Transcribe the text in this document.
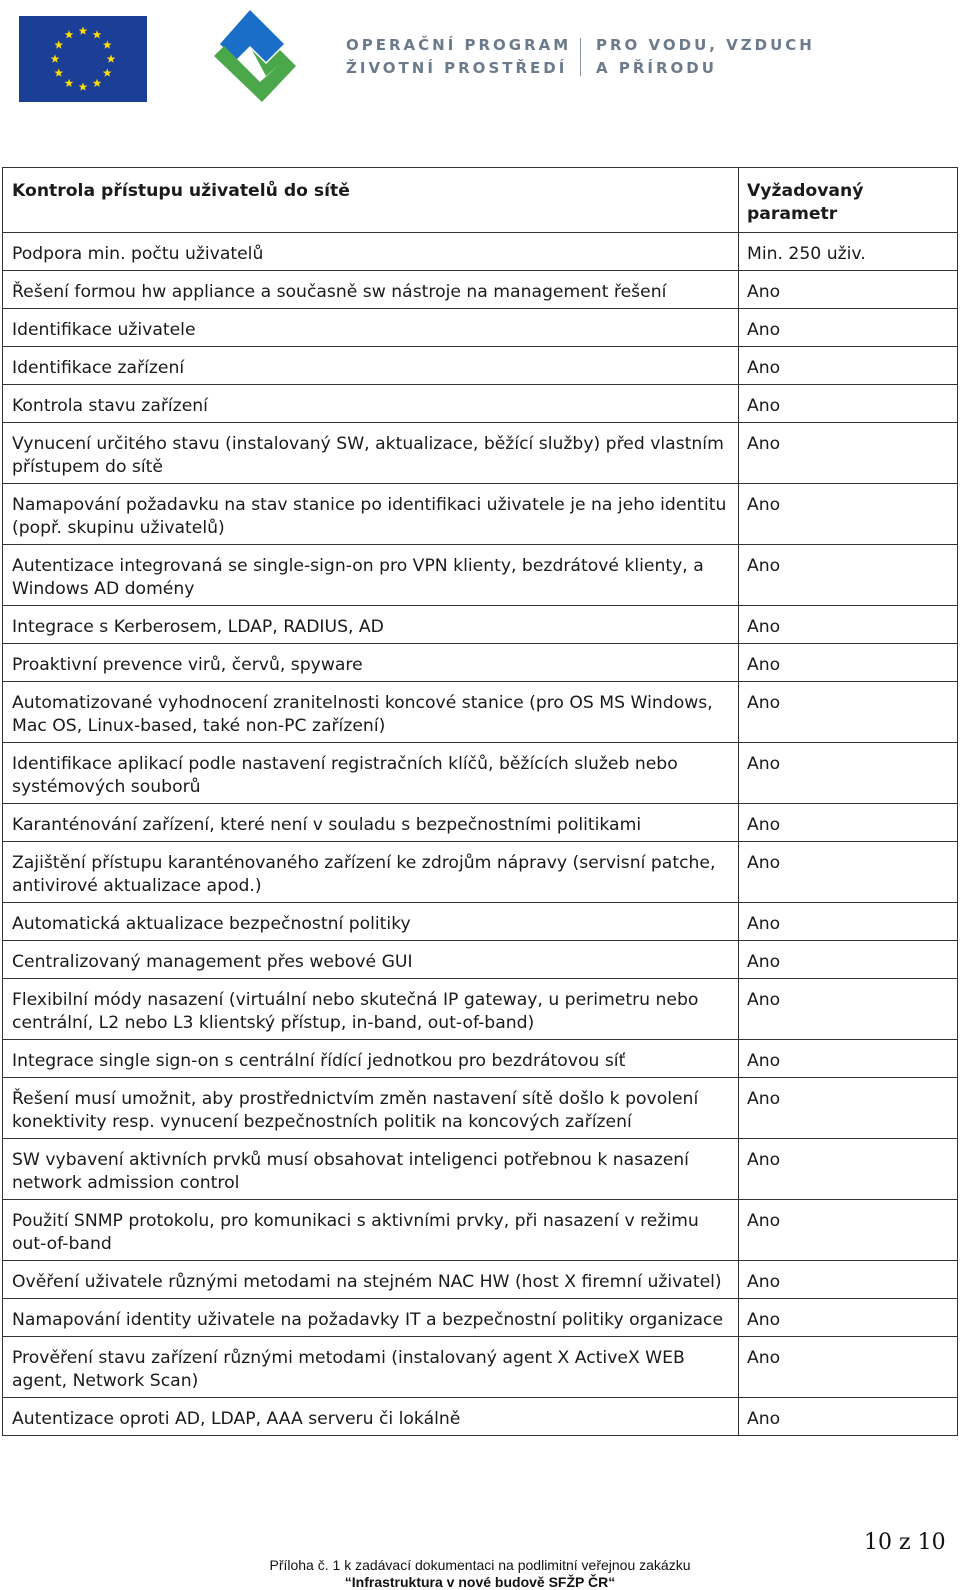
OPERAČNÍ PROGRAM
ŽIVOTNÍ PROSTŘEDÍ
PRO VODU, VZDUCH
A PŘÍRODU
Kontrola přístupu uživatelů do sítě	Vyžadovaný parametr
Podpora min. počtu uživatelů	Min. 250 uživ.
Řešení formou hw appliance a současně sw nástroje na management řešení	Ano
Identifikace uživatele	Ano
Identifikace zařízení	Ano
Kontrola stavu zařízení	Ano
Vynucení určitého stavu (instalovaný SW, aktualizace, běžící služby) před vlastním přístupem do sítě	Ano
Namapování požadavku na stav stanice po identifikaci uživatele je na jeho identitu (popř. skupinu uživatelů)	Ano
Autentizace integrovaná se single-sign-on pro VPN klienty, bezdrátové klienty, a Windows AD domény	Ano
Integrace s Kerberosem, LDAP, RADIUS, AD	Ano
Proaktivní prevence virů, červů, spyware	Ano
Automatizované vyhodnocení zranitelnosti koncové stanice (pro OS MS Windows, Mac OS, Linux-based, také non-PC zařízení)	Ano
Identifikace aplikací podle nastavení registračních klíčů, běžících služeb nebo systémových souborů	Ano
Karanténování zařízení, které není v souladu s bezpečnostními politikami	Ano
Zajištění přístupu karanténovaného zařízení ke zdrojům nápravy (servisní patche, antivirové aktualizace apod.)	Ano
Automatická aktualizace bezpečnostní politiky	Ano
Centralizovaný management přes webové GUI	Ano
Flexibilní módy nasazení (virtuální nebo skutečná IP gateway, u perimetru nebo centrální, L2 nebo L3 klientský přístup, in-band, out-of-band)	Ano
Integrace single sign-on s centrální řídící jednotkou pro bezdrátovou síť	Ano
Řešení musí umožnit, aby prostřednictvím změn nastavení sítě došlo k povolení konektivity resp. vynucení bezpečnostních politik na koncových zařízení	Ano
SW vybavení aktivních prvků musí obsahovat inteligenci potřebnou k nasazení network admission control	Ano
Použití SNMP protokolu, pro komunikaci s aktivními prvky, při nasazení v režimu out-of-band	Ano
Ověření uživatele různými metodami na stejném NAC HW (host X firemní uživatel)	Ano
Namapování identity uživatele na požadavky IT a bezpečnostní politiky organizace	Ano
Prověření stavu zařízení různými metodami (instalovaný agent X ActiveX WEB agent, Network Scan)	Ano
Autentizace oproti AD, LDAP, AAA serveru či lokálně	Ano
10 z 10
Příloha č. 1 k zadávací dokumentaci na podlimitní veřejnou zakázku
“Infrastruktura v nové budově SFŽP ČR“
